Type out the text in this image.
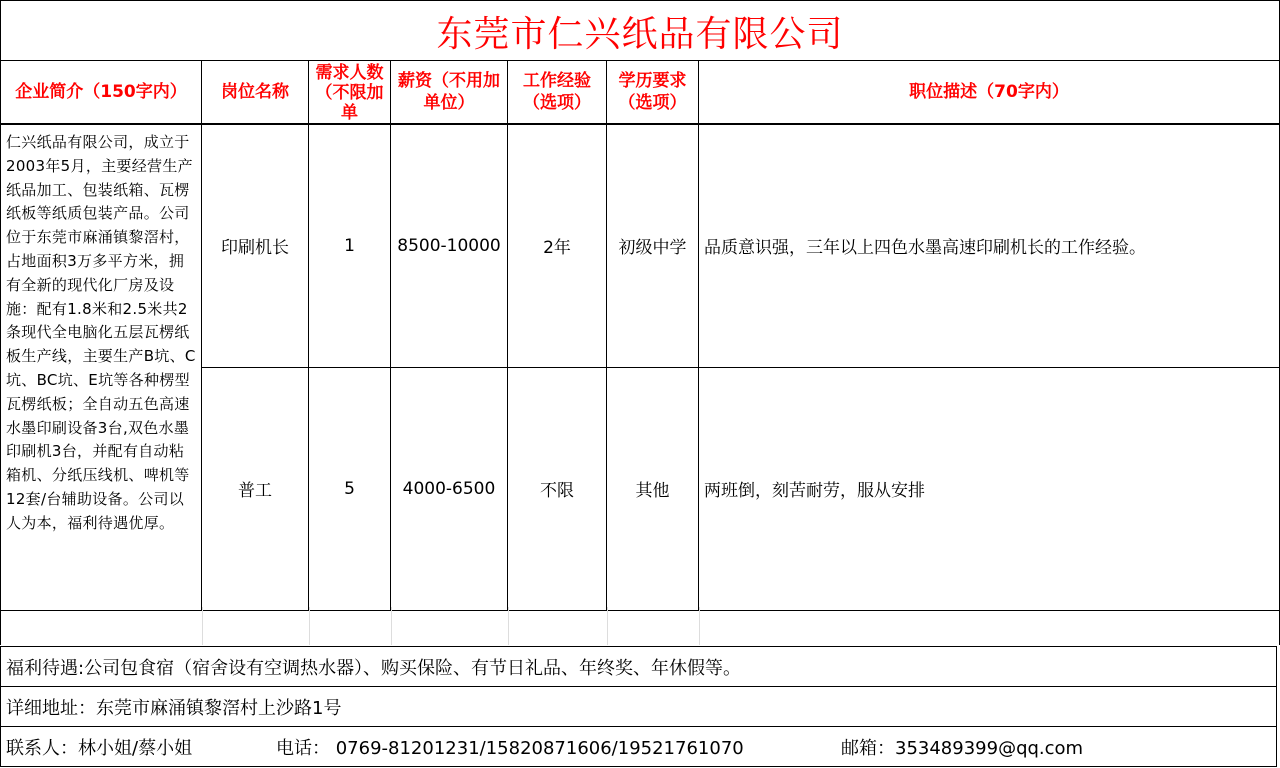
东莞市仁兴纸品有限公司
企业简介（150字内）	岗位名称	需求人数（不限加单	薪资（不用加单位）	工作经验（选项）	学历要求（选项）	职位描述（70字内）
仁兴纸品有限公司，成立于2003年5月，主要经营生产纸品加工、包装纸箱、瓦楞纸板等纸质包装产品。公司位于东莞市麻涌镇黎滘村，占地面积3万多平方米，拥有全新的现代化厂房及设施：配有1.8米和2.5米共2条现代全电脑化五层瓦楞纸板生产线，主要生产B坑、C坑、BC坑、E坑等各种楞型瓦楞纸板；全自动五色高速水墨印刷设备3台,双色水墨印刷机3台，并配有自动粘箱机、分纸压线机、啤机等12套/台辅助设备。公司以人为本，福利待遇优厚。	印刷机长	1	8500-10000	2年	初级中学	品质意识强，三年以上四色水墨高速印刷机长的工作经验。
	普工	5	4000-6500	不限	其他	两班倒，刻苦耐劳，服从安排
福利待遇:公司包食宿（宿舍设有空调热水器）、购买保险、有节日礼品、年终奖、年休假等。
详细地址：东莞市麻涌镇黎滘村上沙路1号
联系人：林小姐/蔡小姐	电话： 0769-81201231/15820871606/19521761070	邮箱：353489399@qq.com
